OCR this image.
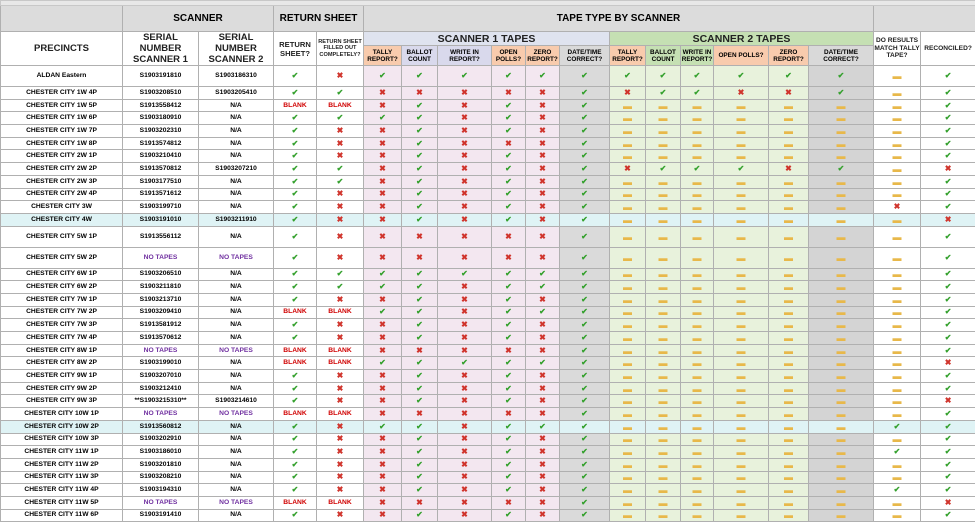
	SCANNER		RETURN SHEET		TAPE TYPE BY SCANNER													
PRECINCTS	SERIAL NUMBER SCANNER 1	SERIAL NUMBER SCANNER 2	RETURN SHEET?	RETURN SHEET FILLED OUT COMPLETELY?	SCANNER 1 TAPES						SCANNER 2 TAPES						DO RESULTS MATCH TALLY TAPE?	RECONCILED?
					TALLY REPORT?	BALLOT COUNT	WRITE IN REPORT?	OPEN POLLS?	ZERO REPORT?	DATE/TIME CORRECT?	TALLY REPORT?	BALLOT COUNT	WRITE IN REPORT?	OPEN POLLS?	ZERO REPORT?	DATE/TIME CORRECT?		
ALDAN Eastern	S1903191810	S1903186310	✔	✖	✔	✔	✔	✔	✔	✔	✔	✔	✔	✔	✔	✔	▬	✔
CHESTER CITY 1W 4P	S1903208510	S1903205410	✔	✔	✖	✖	✖	✖	✖	✔	✖	✔	✔	✖	✖	✔	▬	✔
CHESTER CITY 1W 5P	S1913558412	N/A	BLANK	BLANK	✖	✔	✖	✔	✖	✔	▬	▬	▬	▬	▬	▬	▬	✔
CHESTER CITY 1W 6P	S1903180910	N/A	✔	✔	✔	✔	✖	✔	✖	✔	▬	▬	▬	▬	▬	▬	▬	✔
CHESTER CITY 1W 7P	S1903202310	N/A	✔	✖	✖	✔	✖	✔	✖	✔	▬	▬	▬	▬	▬	▬	▬	✔
CHESTER CITY 1W 8P	S1913574812	N/A	✔	✖	✖	✔	✖	✖	✖	✔	▬	▬	▬	▬	▬	▬	▬	✔
CHESTER CITY 2W 1P	S1903210410	N/A	✔	✖	✖	✔	✖	✔	✖	✔	▬	▬	▬	▬	▬	▬	▬	✔
CHESTER CITY 2W 2P	S1913570812	S1903207210	✔	✔	✖	✔	✖	✔	✖	✔	✖	✔	✔	✔	✖	✔	▬	✖
CHESTER CITY 2W 3P	S1903177510	N/A	✔	✔	✖	✔	✖	✔	✖	✔	▬	▬	▬	▬	▬	▬	▬	✔
CHESTER CITY 2W 4P	S1913571612	N/A	✔	✖	✖	✔	✖	✔	✖	✔	▬	▬	▬	▬	▬	▬	▬	✔
CHESTER CITY 3W	S1903199710	N/A	✔	✖	✖	✔	✖	✔	✖	✔	▬	▬	▬	▬	▬	▬	✖	✔
CHESTER CITY 4W	S1903191010	S1903211910	✔	✖	✖	✔	✖	✔	✖	✔	▬	▬	▬	▬	▬	▬	▬	✖
CHESTER CITY 5W 1P	S1913556112	N/A	✔	✖	✖	✖	✖	✖	✖	✔	▬	▬	▬	▬	▬	▬	▬	✔
CHESTER CITY 5W 2P	NO TAPES	NO TAPES	✔	✖	✖	✖	✖	✖	✖	✔	▬	▬	▬	▬	▬	▬	▬	✔
CHESTER CITY 6W 1P	S1903206510	N/A	✔	✔	✔	✔	✔	✔	✔	✔	▬	▬	▬	▬	▬	▬	▬	✔
CHESTER CITY 6W 2P	S1903211810	N/A	✔	✔	✔	✔	✖	✔	✔	✔	▬	▬	▬	▬	▬	▬	▬	✔
CHESTER CITY 7W 1P	S1903213710	N/A	✔	✖	✖	✔	✖	✔	✖	✔	▬	▬	▬	▬	▬	▬	▬	✔
CHESTER CITY 7W 2P	S1903209410	N/A	BLANK	BLANK	✔	✔	✖	✔	✔	✔	▬	▬	▬	▬	▬	▬	▬	✔
CHESTER CITY 7W 3P	S1913581912	N/A	✔	✖	✖	✔	✖	✔	✖	✔	▬	▬	▬	▬	▬	▬	▬	✔
CHESTER CITY 7W 4P	S1913570612	N/A	✔	✖	✖	✔	✖	✔	✖	✔	▬	▬	▬	▬	▬	▬	▬	✔
CHESTER CITY 8W 1P	NO TAPES	NO TAPES	BLANK	BLANK	✖	✖	✖	✖	✖	✔	▬	▬	▬	▬	▬	▬	▬	✔
CHESTER CITY 8W 2P	S1903199010	N/A	BLANK	BLANK	✔	✔	✔	✔	✔	✔	▬	▬	▬	▬	▬	▬	▬	✖
CHESTER CITY 9W 1P	S1903207010	N/A	✔	✖	✖	✔	✖	✔	✖	✔	▬	▬	▬	▬	▬	▬	▬	✔
CHESTER CITY 9W 2P	S1903212410	N/A	✔	✖	✖	✔	✖	✔	✖	✔	▬	▬	▬	▬	▬	▬	▬	✔
CHESTER CITY 9W 3P	**S1903215310**	S1903214610	✔	✖	✖	✔	✖	✔	✖	✔	▬	▬	▬	▬	▬	▬	▬	✖
CHESTER CITY 10W 1P	NO TAPES	NO TAPES	BLANK	BLANK	✖	✖	✖	✖	✖	✔	▬	▬	▬	▬	▬	▬	▬	✔
CHESTER CITY 10W 2P	S1913560812	N/A	✔	✖	✔	✔	✖	✔	✔	✔	▬	▬	▬	▬	▬	▬	✔	✔
CHESTER CITY 10W 3P	S1903202910	N/A	✔	✖	✖	✔	✖	✔	✖	✔	▬	▬	▬	▬	▬	▬	▬	✔
CHESTER CITY 11W 1P	S1903186010	N/A	✔	✖	✖	✔	✖	✔	✖	✔	▬	▬	▬	▬	▬	▬	✔	✔
CHESTER CITY 11W 2P	S1903201810	N/A	✔	✖	✖	✔	✖	✔	✖	✔	▬	▬	▬	▬	▬	▬	▬	✔
CHESTER CITY 11W 3P	S1903208210	N/A	✔	✖	✖	✔	✖	✔	✖	✔	▬	▬	▬	▬	▬	▬	▬	✔
CHESTER CITY 11W 4P	S1903194310	N/A	✔	✖	✖	✔	✖	✔	✖	✔	▬	▬	▬	▬	▬	▬	✔	✔
CHESTER CITY 11W 5P	NO TAPES	NO TAPES	BLANK	BLANK	✖	✖	✖	✖	✖	✔	▬	▬	▬	▬	▬	▬	▬	✖
CHESTER CITY 11W 6P	S1903191410	N/A	✔	✖	✖	✔	✖	✔	✖	✔	▬	▬	▬	▬	▬	▬	▬	✔
